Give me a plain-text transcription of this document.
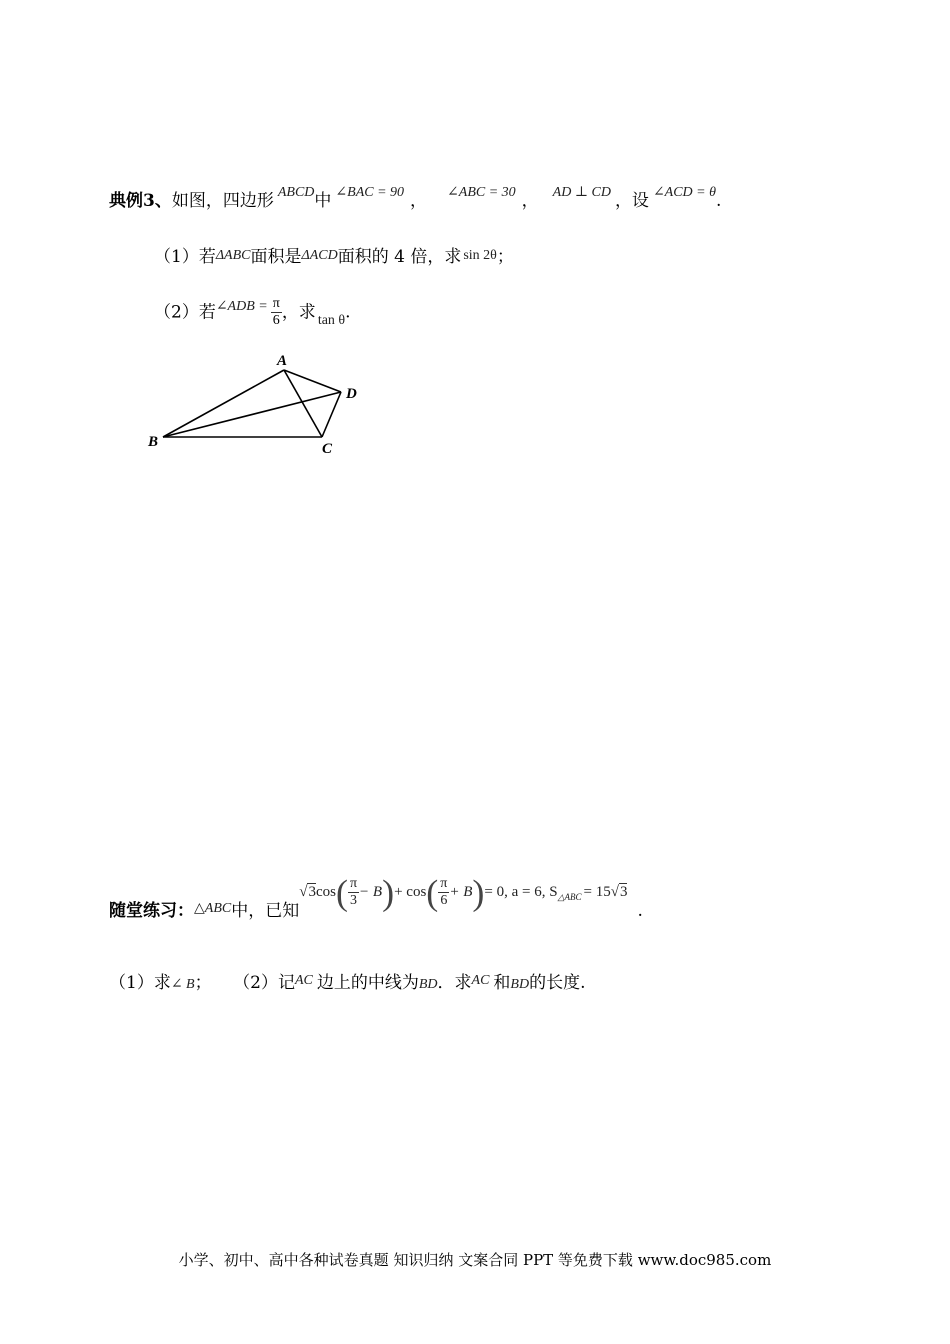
典例3、如图，四边形 $^{ABCD}$中 $^{\angle BAC = 90}$ ， $^{\angle ABC = 30}$ ， $^{AD \perp CD}$ ，设 $^{\angle ACD = \theta}$.
（1）若ΔABC面积是ΔACD面积的 4 倍，求 sin 2θ；
（2）若$^{\angle ADB =} \frac{\pi}{6}$ ，求 $_{tan \theta}$.
A
B	C
D
随堂练习：$^{\triangle ABC}$中，已知$√3\cos( \frac{\pi}{3} - B)+ \cos( \frac{\pi}{6} + B)= 0$, a = 6, $S_{\triangle ABC} = 15√3$.
（1）求∠ B； （2）记$^{AC}$ 边上的中线为BD．求$^{AC}$ 和BD的长度.
小学、初中、高中各种试卷真题 知识归纳 文案合同 PPT 等免费下载 www.doc985.com
